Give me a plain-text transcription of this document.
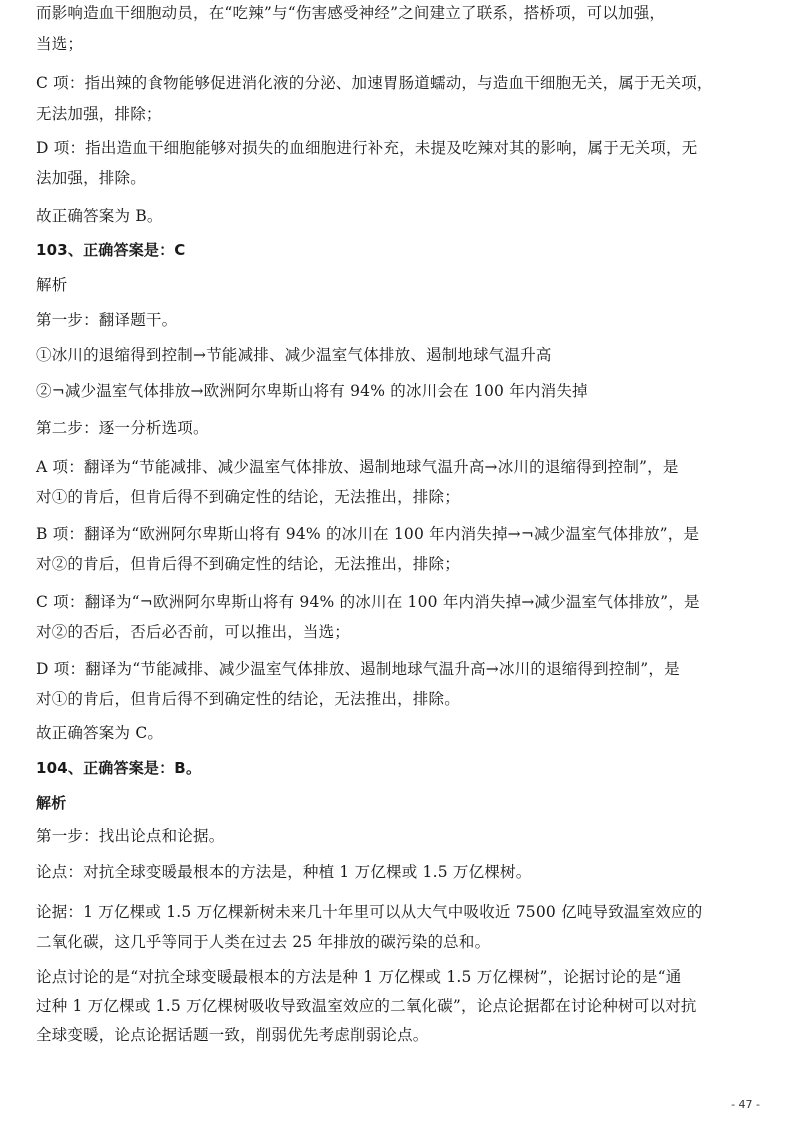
而影响造血干细胞动员，在“吃辣”与“伤害感受神经”之间建立了联系，搭桥项，可以加强，
当选；
C 项：指出辣的食物能够促进消化液的分泌、加速胃肠道蠕动，与造血干细胞无关，属于无关项，
无法加强，排除；
D 项：指出造血干细胞能够对损失的血细胞进行补充，未提及吃辣对其的影响，属于无关项，无
法加强，排除。
故正确答案为 B。
103、正确答案是：C
解析
第一步：翻译题干。
①冰川的退缩得到控制→节能减排、减少温室气体排放、遏制地球气温升高
②¬减少温室气体排放→欧洲阿尔卑斯山将有 94% 的冰川会在 100 年内消失掉
第二步：逐一分析选项。
A 项：翻译为“节能减排、减少温室气体排放、遏制地球气温升高→冰川的退缩得到控制”，是
对①的肯后，但肯后得不到确定性的结论，无法推出，排除；
B 项：翻译为“欧洲阿尔卑斯山将有 94% 的冰川在 100 年内消失掉→¬减少温室气体排放”，是
对②的肯后，但肯后得不到确定性的结论，无法推出，排除；
C 项：翻译为“¬欧洲阿尔卑斯山将有 94% 的冰川在 100 年内消失掉→减少温室气体排放”，是
对②的否后，否后必否前，可以推出，当选；
D 项：翻译为“节能减排、减少温室气体排放、遏制地球气温升高→冰川的退缩得到控制”，是
对①的肯后，但肯后得不到确定性的结论，无法推出，排除。
故正确答案为 C。
104、正确答案是：B。
解析
第一步：找出论点和论据。
论点：对抗全球变暖最根本的方法是，种植 1 万亿棵或 1.5 万亿棵树。
论据：1 万亿棵或 1.5 万亿棵新树未来几十年里可以从大气中吸收近 7500 亿吨导致温室效应的
二氧化碳，这几乎等同于人类在过去 25 年排放的碳污染的总和。
论点讨论的是“对抗全球变暖最根本的方法是种 1 万亿棵或 1.5 万亿棵树”，论据讨论的是“通
过种 1 万亿棵或 1.5 万亿棵树吸收导致温室效应的二氧化碳”，论点论据都在讨论种树可以对抗
全球变暖，论点论据话题一致，削弱优先考虑削弱论点。
- 47 -
